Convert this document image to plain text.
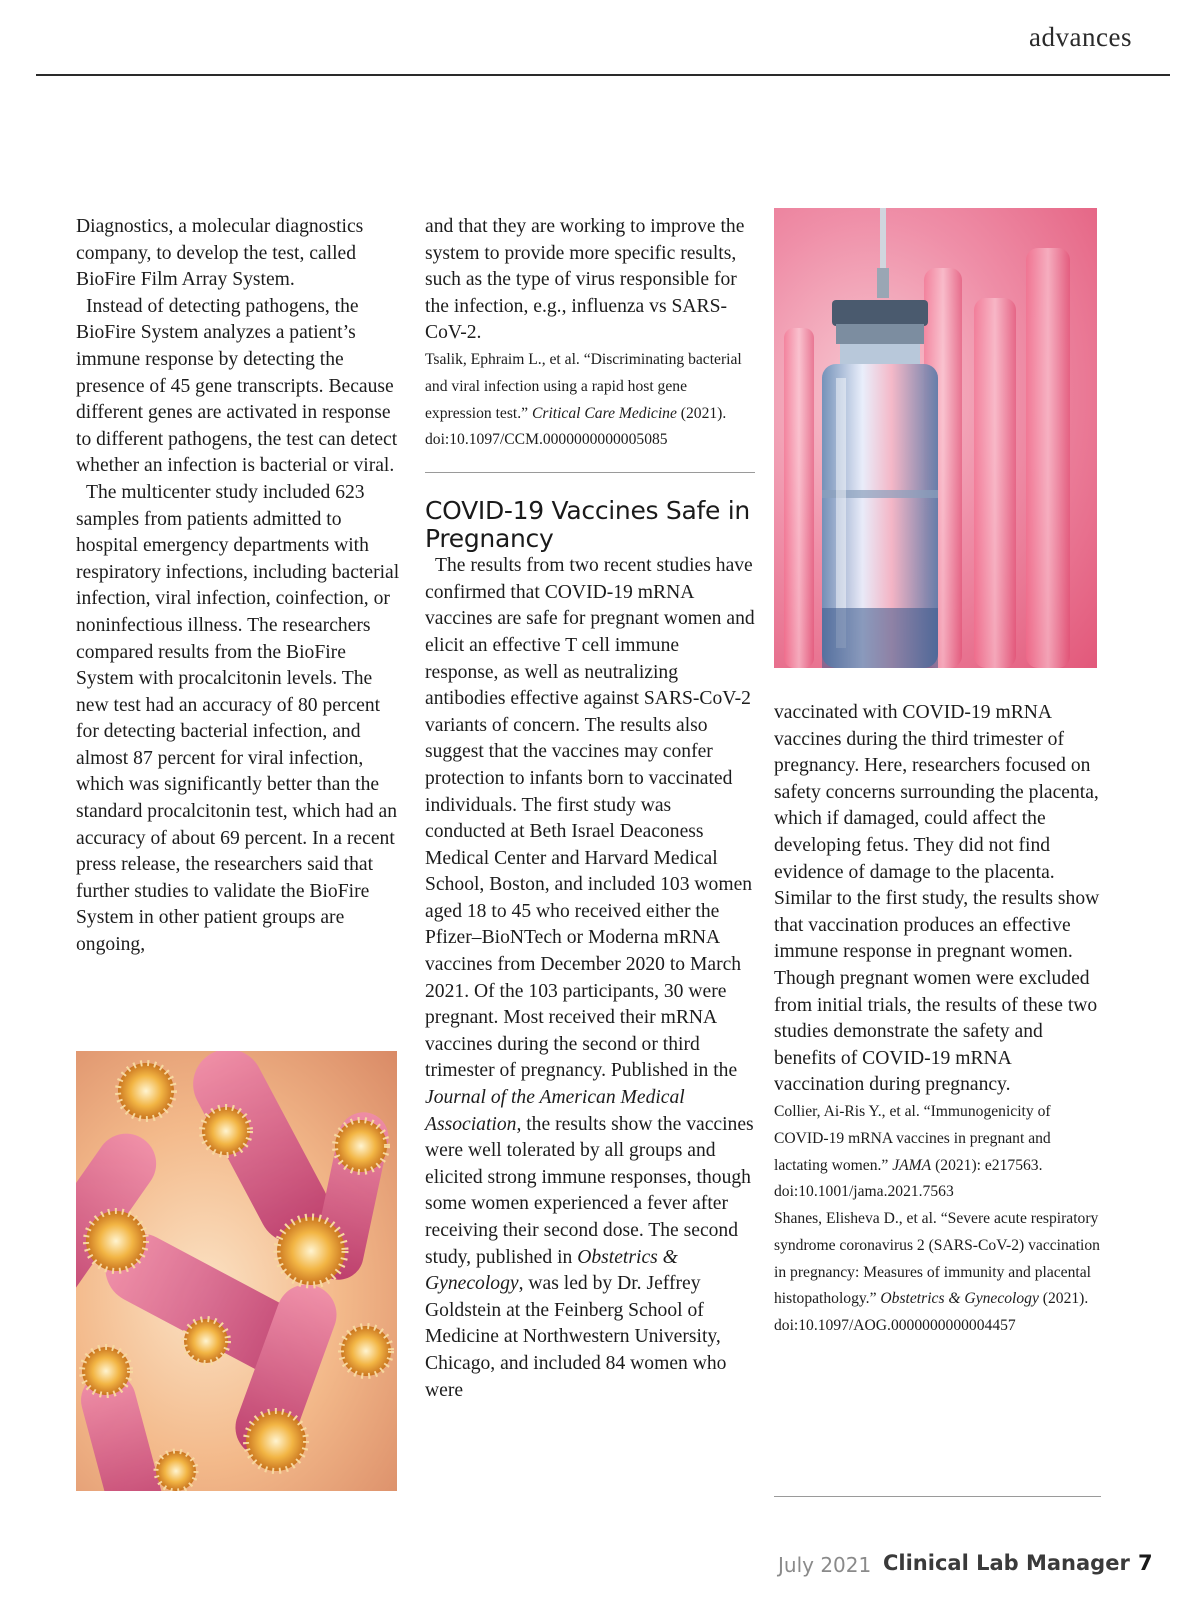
advances

Diagnostics, a molecular diagnostics company, to develop the test, called BioFire Film Array System.

Instead of detecting pathogens, the BioFire System analyzes a patient’s immune response by detecting the presence of 45 gene transcripts. Because different genes are activated in response to different pathogens, the test can detect whether an infection is bacterial or viral.

The multicenter study included 623 samples from patients admitted to hospital emergency departments with respiratory infections, including bacterial infection, viral infection, coinfection, or noninfectious illness. The researchers compared results from the BioFire System with procalcitonin levels. The new test had an accuracy of 80 percent for detecting bacterial infection, and almost 87 percent for viral infection, which was significantly better than the standard procalcitonin test, which had an accuracy of about 69 percent. In a recent press release, the researchers said that further studies to validate the BioFire System in other patient groups are ongoing,

and that they are working to improve the system to provide more specific results, such as the type of virus responsible for the infection, e.g., influenza vs SARS-CoV-2.

Tsalik, Ephraim L., et al. “Discriminating bacterial and viral infection using a rapid host gene expression test.” Critical Care Medicine (2021). doi:10.1097/CCM.0000000000005085

COVID-19 Vaccines Safe in Pregnancy

The results from two recent studies have confirmed that COVID-19 mRNA vaccines are safe for pregnant women and elicit an effective T cell immune response, as well as neutralizing antibodies effective against SARS-CoV-2 variants of concern. The results also suggest that the vaccines may confer protection to infants born to vaccinated individuals. The first study was conducted at Beth Israel Deaconess Medical Center and Harvard Medical School, Boston, and included 103 women aged 18 to 45 who received either the Pfizer–BioNTech or Moderna mRNA vaccines from December 2020 to March 2021. Of the 103 participants, 30 were pregnant. Most received their mRNA vaccines during the second or third trimester of pregnancy. Published in the Journal of the American Medical Association, the results show the vaccines were well tolerated by all groups and elicited strong immune responses, though some women experienced a fever after receiving their second dose. The second study, published in Obstetrics & Gynecology, was led by Dr. Jeffrey Goldstein at the Feinberg School of Medicine at Northwestern University, Chicago, and included 84 women who were

vaccinated with COVID-19 mRNA vaccines during the third trimester of pregnancy. Here, researchers focused on safety concerns surrounding the placenta, which if damaged, could affect the developing fetus. They did not find evidence of damage to the placenta. Similar to the first study, the results show that vaccination produces an effective immune response in pregnant women. Though pregnant women were excluded from initial trials, the results of these two studies demonstrate the safety and benefits of COVID-19 mRNA vaccination during pregnancy.

Collier, Ai-Ris Y., et al. “Immunogenicity of COVID-19 mRNA vaccines in pregnant and lactating women.” JAMA (2021): e217563. doi:10.1001/jama.2021.7563

Shanes, Elisheva D., et al. “Severe acute respiratory syndrome coronavirus 2 (SARS-CoV-2) vaccination in pregnancy: Measures of immunity and placental histopathology.” Obstetrics & Gynecology (2021). doi:10.1097/AOG.0000000000004457

July 2021 Clinical Lab Manager 7
